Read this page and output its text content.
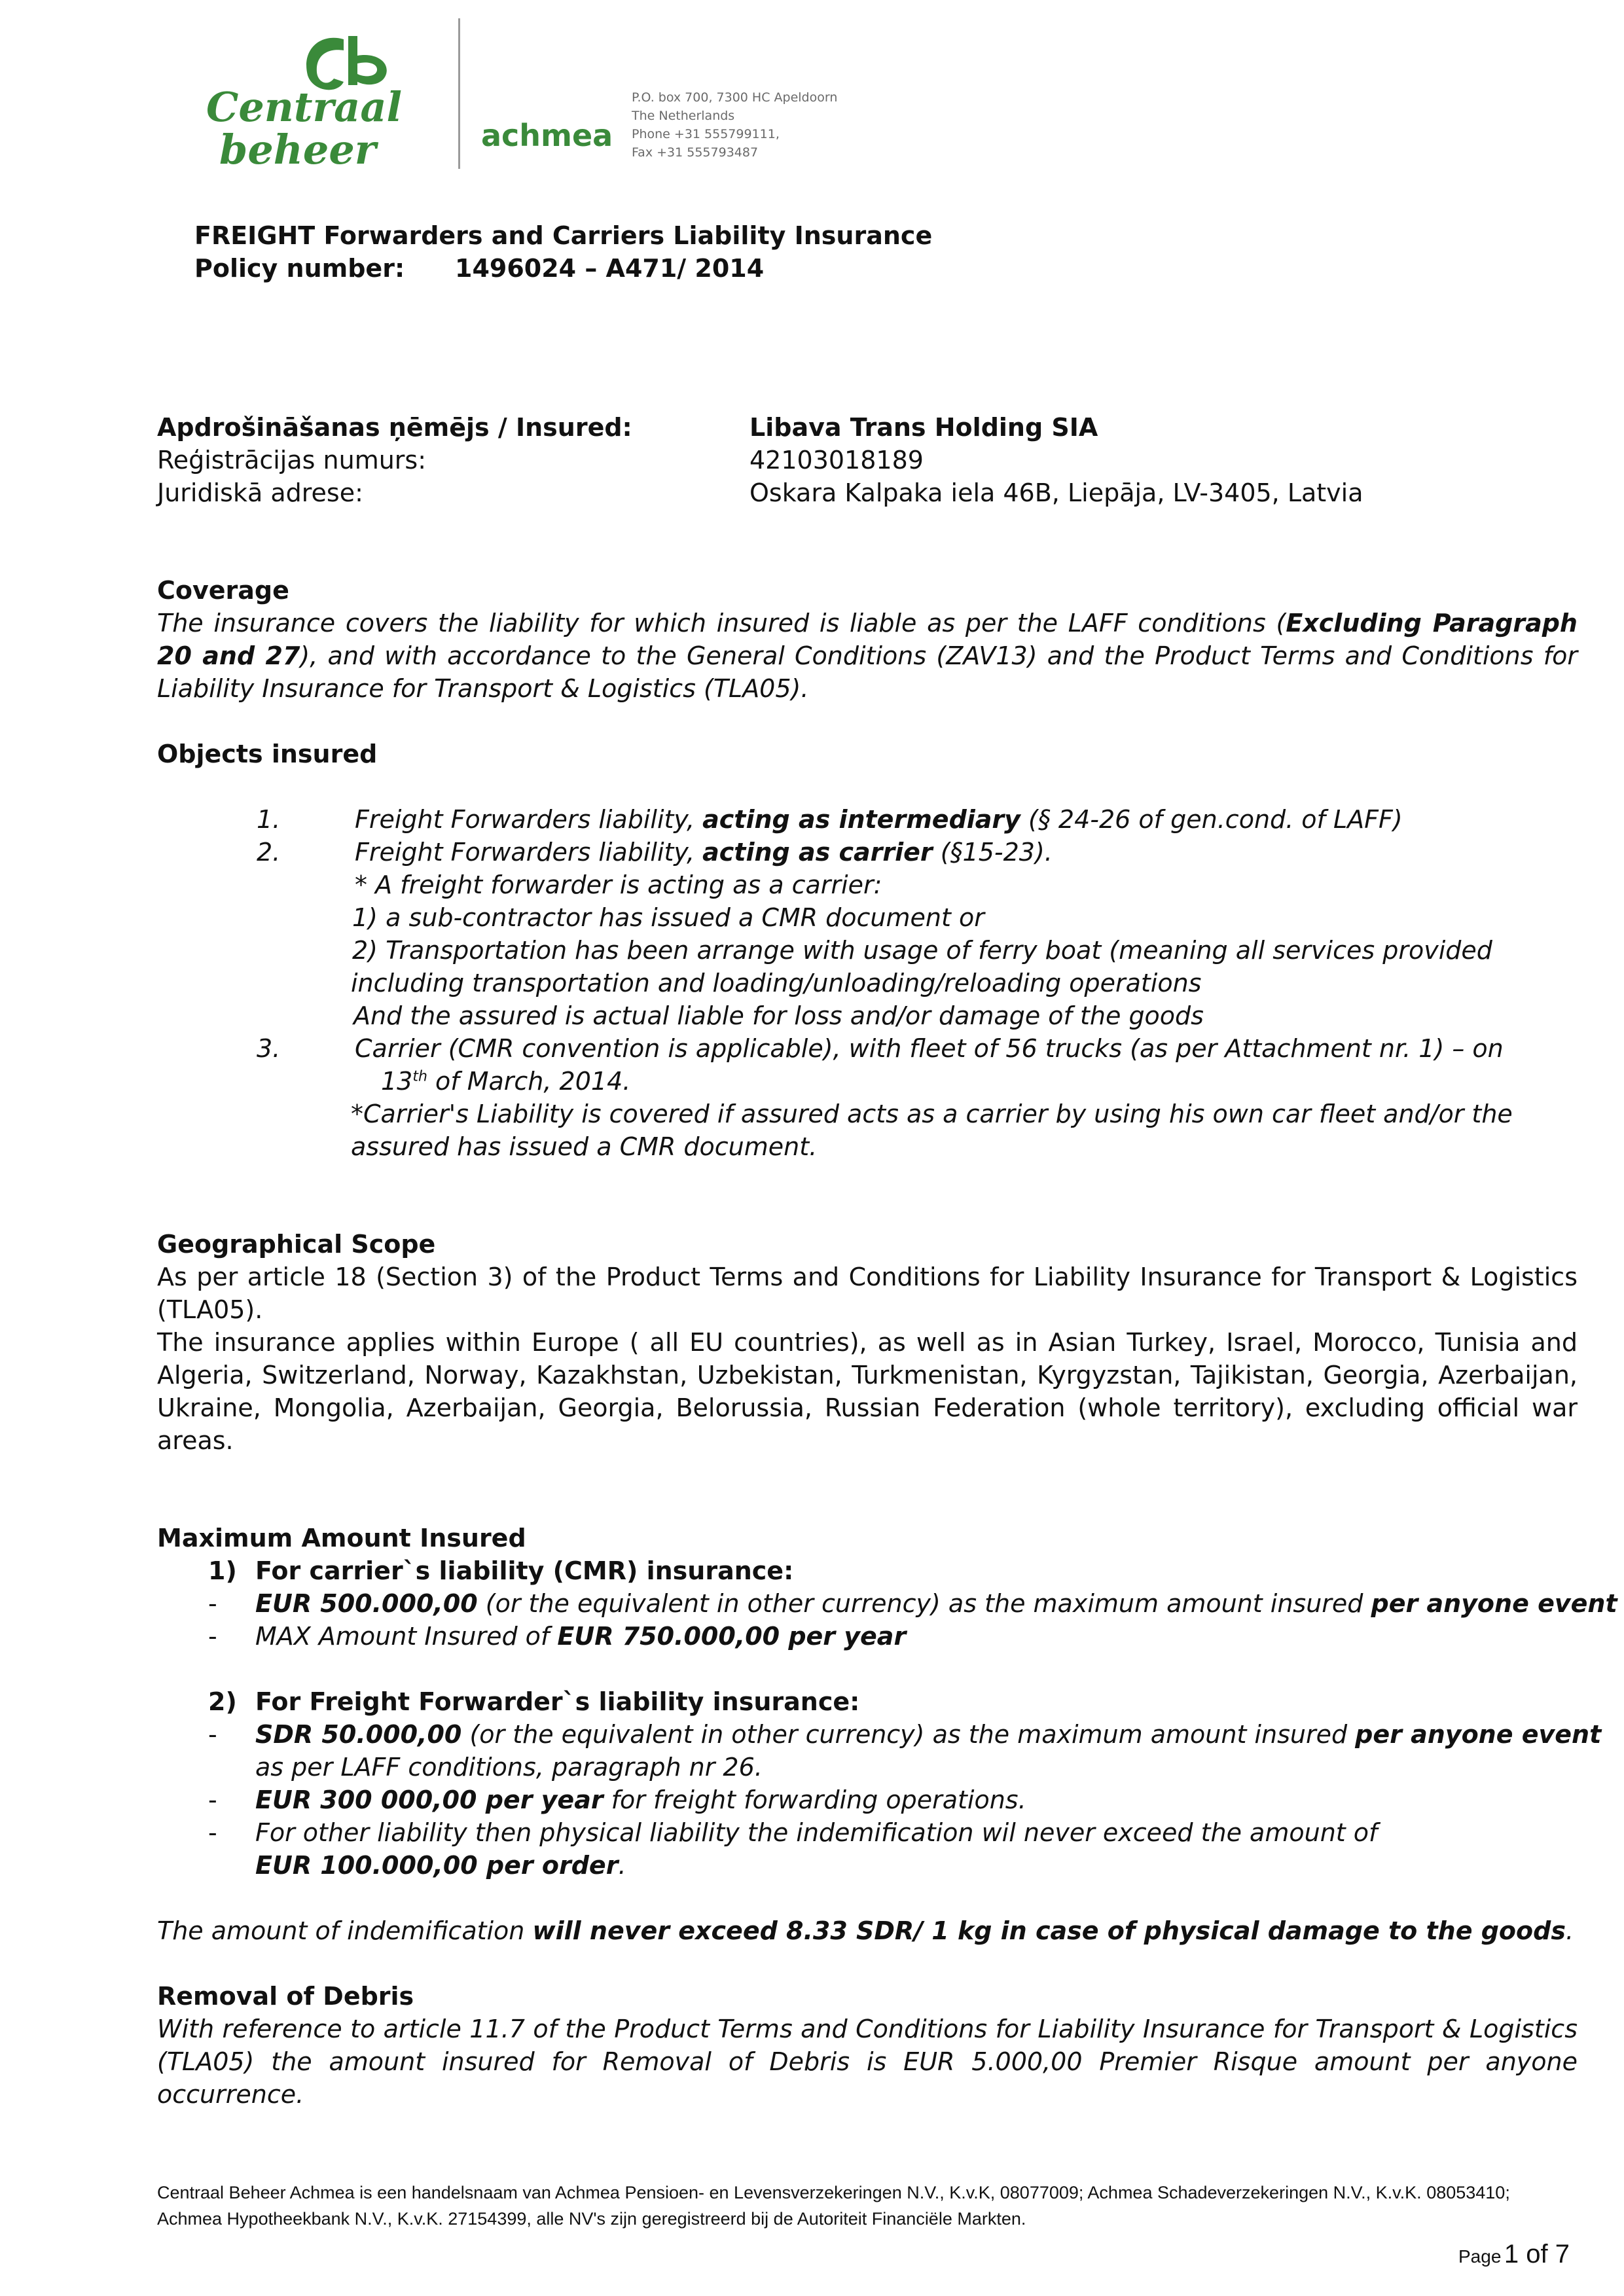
Centraal
beheer	achmea
P.O. box 700, 7300 HC Apeldoorn
The Netherlands
Phone +31 555799111,
Fax +31 555793487
FREIGHT Forwarders and Carriers Liability Insurance
Policy number: 1496024 – A471/ 2014
Apdrošināšanas ņēmējs / Insured:	Libava Trans Holding SIA
Reģistrācijas numurs:	42103018189
Juridiskā adrese:	Oskara Kalpaka iela 46B, Liepāja, LV-3405, Latvia
Coverage
The insurance covers the liability for which insured is liable as per the LAFF conditions (Excluding Paragraph 20 and 27), and with accordance to the General Conditions (ZAV13) and the Product Terms and Conditions for Liability Insurance for Transport & Logistics (TLA05).
Objects insured
1.	Freight Forwarders liability, acting as intermediary (§ 24-26 of gen.cond. of LAFF)
2.	Freight Forwarders liability, acting as carrier (§15-23).
* A freight forwarder is acting as a carrier:
1) a sub-contractor has issued a CMR document or
2) Transportation has been arrange with usage of ferry boat (meaning all services provided
including transportation and loading/unloading/reloading operations
And the assured is actual liable for loss and/or damage of the goods
3.	Carrier (CMR convention is applicable), with fleet of 56 trucks (as per Attachment nr. 1) – on
13th of March, 2014.
*Carrier's Liability is covered if assured acts as a carrier by using his own car fleet and/or the
assured has issued a CMR document.
Geographical Scope
As per article 18 (Section 3) of the Product Terms and Conditions for Liability Insurance for Transport & Logistics (TLA05).
The insurance applies within Europe ( all EU countries), as well as in Asian Turkey, Israel, Morocco, Tunisia and Algeria, Switzerland, Norway, Kazakhstan, Uzbekistan, Turkmenistan, Kyrgyzstan, Tajikistan, Georgia, Azerbaijan, Ukraine, Mongolia, Azerbaijan, Georgia, Belorussia, Russian Federation (whole territory), excluding official war areas.
Maximum Amount Insured
1) For carrier`s liability (CMR) insurance:
- EUR 500.000,00 (or the equivalent in other currency) as the maximum amount insured per anyone event
- MAX Amount Insured of EUR 750.000,00 per year
2) For Freight Forwarder`s liability insurance:
- SDR 50.000,00 (or the equivalent in other currency) as the maximum amount insured per anyone event
as per LAFF conditions, paragraph nr 26.
- EUR 300 000,00 per year for freight forwarding operations.
- For other liability then physical liability the indemification wil never exceed the amount of
EUR 100.000,00 per order.
The amount of indemification will never exceed 8.33 SDR/ 1 kg in case of physical damage to the goods.
Removal of Debris
With reference to article 11.7 of the Product Terms and Conditions for Liability Insurance for Transport & Logistics (TLA05) the amount insured for Removal of Debris is EUR 5.000,00 Premier Risque amount per anyone occurrence.
Centraal Beheer Achmea is een handelsnaam van Achmea Pensioen- en Levensverzekeringen N.V., K.v.K, 08077009; Achmea Schadeverzekeringen N.V., K.v.K. 08053410;
Achmea Hypotheekbank N.V., K.v.K. 27154399, alle NV's zijn geregistreerd bij de Autoriteit Financiële Markten.
Page 1 of 7
